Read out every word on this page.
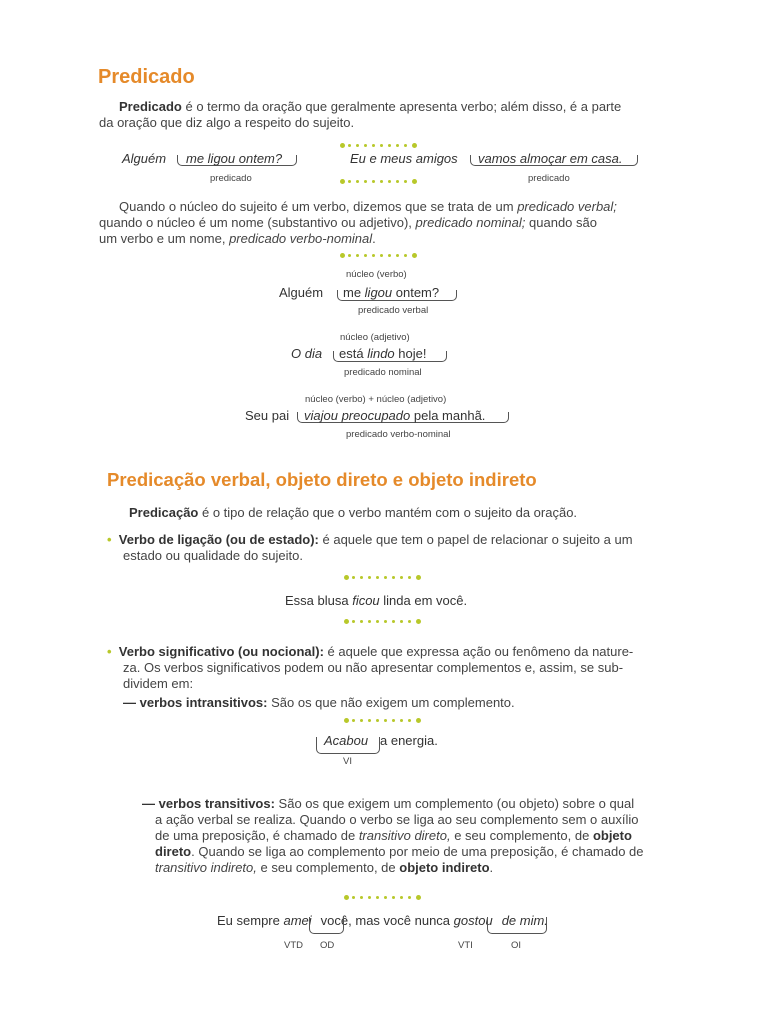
Predicado
Predicado é o termo da oração que geralmente apresenta verbo; além disso, é a parte
da oração que diz algo a respeito do sujeito.
Alguém me ligou ontem?
predicado
Eu e meus amigos vamos almoçar em casa.
predicado
Quando o núcleo do sujeito é um verbo, dizemos que se trata de um predicado verbal;
quando o núcleo é um nome (substantivo ou adjetivo), predicado nominal; quando são
um verbo e um nome, predicado verbo-nominal.
núcleo (verbo)
Alguém me ligou ontem?
predicado verbal
núcleo (adjetivo)
O dia está lindo hoje!
predicado nominal
núcleo (verbo) + núcleo (adjetivo)
Seu pai viajou preocupado pela manhã.
predicado verbo-nominal
Predicação verbal, objeto direto e objeto indireto
Predicação é o tipo de relação que o verbo mantém com o sujeito da oração.
• Verbo de ligação (ou de estado): é aquele que tem o papel de relacionar o sujeito a um
estado ou qualidade do sujeito.
Essa blusa ficou linda em você.
• Verbo significativo (ou nocional): é aquele que expressa ação ou fenômeno da nature-
za. Os verbos significativos podem ou não apresentar complementos e, assim, se sub-
dividem em:
— verbos intransitivos: São os que não exigem um complemento.
Acabou a energia.
VI
— verbos transitivos: São os que exigem um complemento (ou objeto) sobre o qual
a ação verbal se realiza. Quando o verbo se liga ao seu complemento sem o auxílio
de uma preposição, é chamado de transitivo direto, e seu complemento, de objeto
direto. Quando se liga ao complemento por meio de uma preposição, é chamado de
transitivo indireto, e seu complemento, de objeto indireto.
Eu sempre amei você, mas você nunca gostou de mim.
VTD OD	VTI	OI
